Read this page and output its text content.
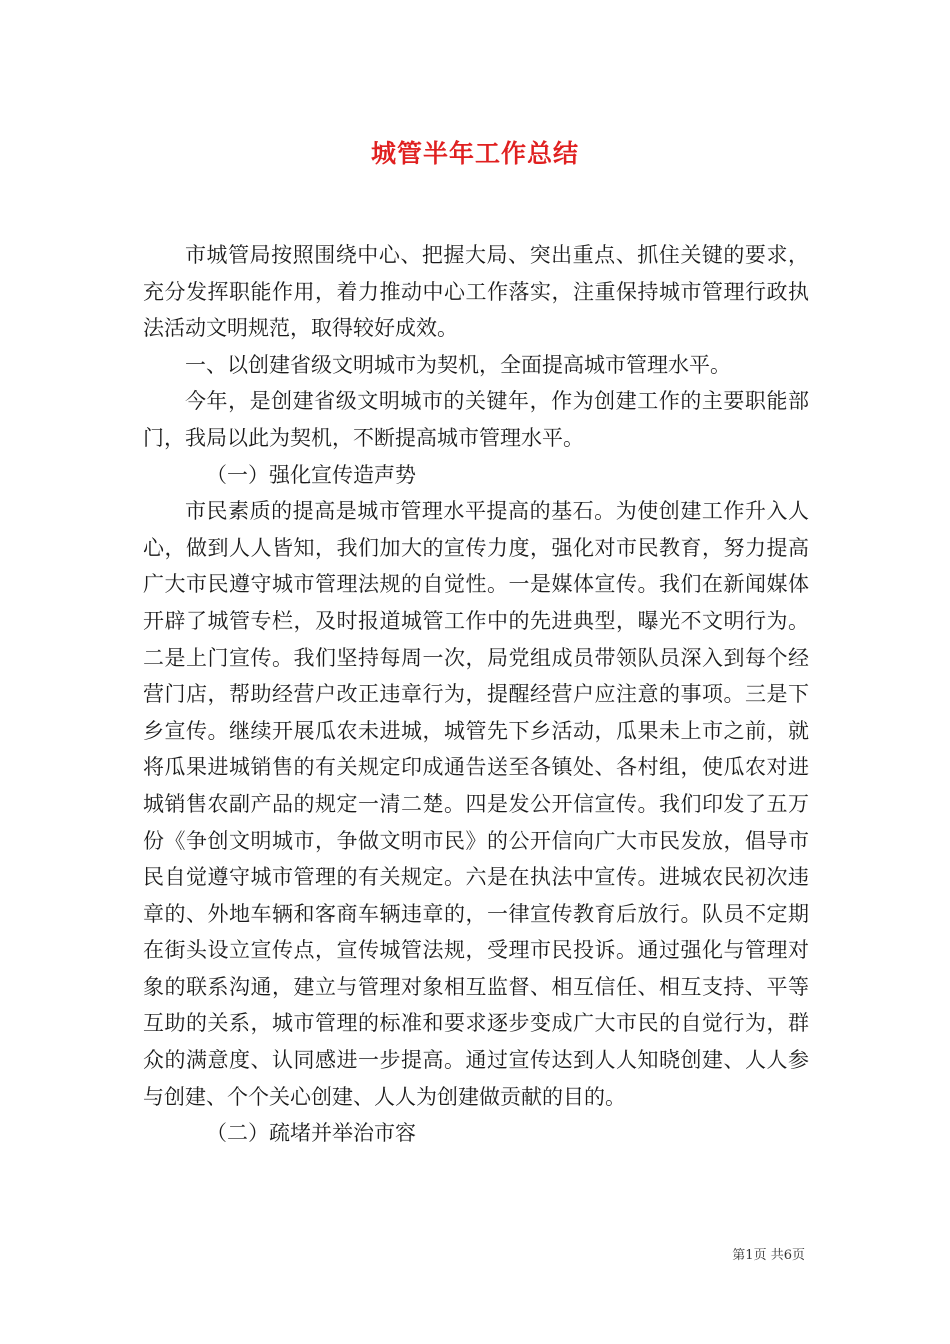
城管半年工作总结

市城管局按照围绕中心、把握大局、突出重点、抓住关键的要求，充分发挥职能作用，着力推动中心工作落实，注重保持城市管理行政执法活动文明规范，取得较好成效。

一、以创建省级文明城市为契机，全面提高城市管理水平。

今年，是创建省级文明城市的关键年，作为创建工作的主要职能部门，我局以此为契机，不断提高城市管理水平。

（一）强化宣传造声势

市民素质的提高是城市管理水平提高的基石。为使创建工作升入人心，做到人人皆知，我们加大的宣传力度，强化对市民教育，努力提高广大市民遵守城市管理法规的自觉性。一是媒体宣传。我们在新闻媒体开辟了城管专栏，及时报道城管工作中的先进典型，曝光不文明行为。二是上门宣传。我们坚持每周一次，局党组成员带领队员深入到每个经营门店，帮助经营户改正违章行为，提醒经营户应注意的事项。三是下乡宣传。继续开展瓜农未进城，城管先下乡活动，瓜果未上市之前，就将瓜果进城销售的有关规定印成通告送至各镇处、各村组，使瓜农对进城销售农副产品的规定一清二楚。四是发公开信宣传。我们印发了五万份《争创文明城市，争做文明市民》的公开信向广大市民发放，倡导市民自觉遵守城市管理的有关规定。六是在执法中宣传。进城农民初次违章的、外地车辆和客商车辆违章的，一律宣传教育后放行。队员不定期在街头设立宣传点，宣传城管法规，受理市民投诉。通过强化与管理对象的联系沟通，建立与管理对象相互监督、相互信任、相互支持、平等互助的关系，城市管理的标准和要求逐步变成广大市民的自觉行为，群众的满意度、认同感进一步提高。通过宣传达到人人知晓创建、人人参与创建、个个关心创建、人人为创建做贡献的目的。

（二）疏堵并举治市容

第1页 共6页
